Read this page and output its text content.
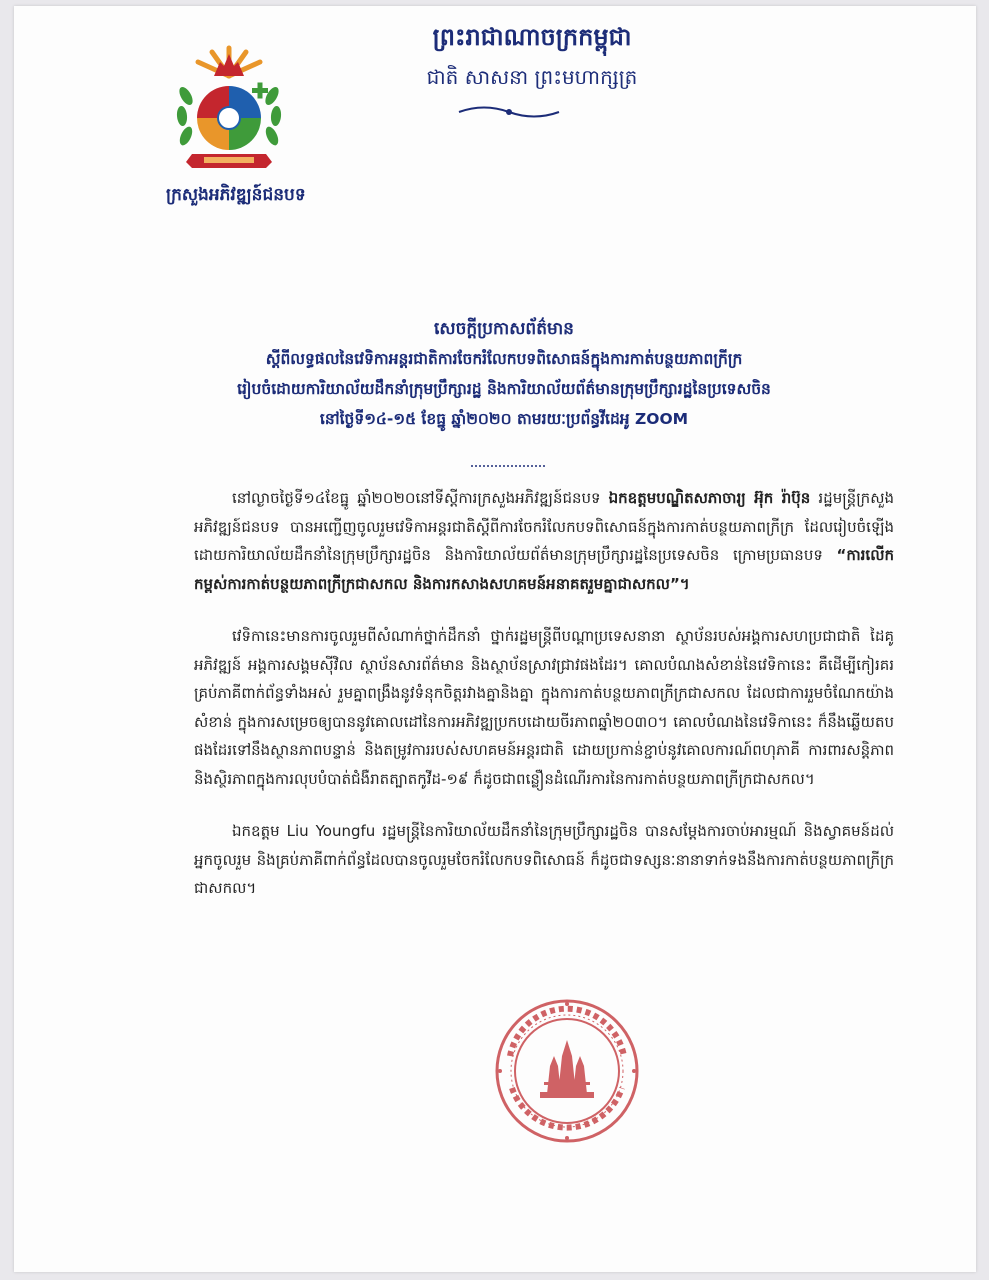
ក្រសួងអភិវឌ្ឍន៍ជនបទ
ព្រះរាជាណាចក្រកម្ពុជា
ជាតិ សាសនា ព្រះមហាក្សត្រ
សេចក្តីប្រកាសព័ត៌មាន
ស្តីពីលទ្ធផលនៃវេទិកាអន្តរជាតិការចែករំលែកបទពិសោធន៍ក្នុងការកាត់បន្ថយភាពក្រីក្រ
រៀបចំដោយការិយាល័យដឹកនាំក្រុមប្រឹក្សារដ្ឋ និងការិយាល័យព័ត៌មានក្រុមប្រឹក្សារដ្ឋនៃប្រទេសចិន
នៅថ្ងៃទី១៤-១៥ ខែធ្នូ ឆ្នាំ២០២០ តាមរយៈប្រព័ន្ធវីដេអូ ZOOM

នៅល្ងាចថ្ងៃទី១៤ខែធ្នូ ឆ្នាំ២០២០នៅទីស្តីការក្រសួងអភិវឌ្ឍន៍ជនបទ ឯកឧត្តមបណ្ឌិតសភាចារ្យ អ៊ុក រ៉ាប៊ុន រដ្ឋមន្ត្រីក្រសួងអភិវឌ្ឍន៍ជនបទ បានអញ្ជើញចូលរួមវេទិកាអន្តរជាតិស្តីពីការចែករំលែកបទពិសោធន៍ក្នុងការកាត់បន្ថយភាពក្រីក្រ ដែលរៀបចំឡើងដោយការិយាល័យដឹកនាំនៃក្រុមប្រឹក្សារដ្ឋចិន និងការិយាល័យព័ត៌មានក្រុមប្រឹក្សារដ្ឋនៃប្រទេសចិន ក្រោមប្រធានបទ “ការលើកកម្ពស់ការកាត់បន្ថយភាពក្រីក្រជាសកល និងការកសាងសហគមន៍អនាគតរួមគ្នាជាសកល”។

វេទិកានេះមានការចូលរួមពីសំណាក់ថ្នាក់ដឹកនាំ ថ្នាក់រដ្ឋមន្ត្រីពីបណ្តាប្រទេសនានា ស្ថាប័នរបស់អង្គការសហប្រជាជាតិ ដៃគូអភិវឌ្ឍន៍ អង្គការសង្គមស៊ីវិល ស្ថាប័នសារព័ត៌មាន និងស្ថាប័នស្រាវជ្រាវផងដែរ។ គោលបំណងសំខាន់នៃវេទិកានេះ គឺដើម្បីកៀរគរគ្រប់ភាគីពាក់ព័ន្ធទាំងអស់ រួមគ្នាពង្រឹងនូវទំនុកចិត្តរវាងគ្នានិងគ្នា ក្នុងការកាត់បន្ថយភាពក្រីក្រជាសកល ដែលជាការរួមចំណែកយ៉ាងសំខាន់ ក្នុងការសម្រេចឲ្យបាននូវគោលដៅនៃការអភិវឌ្ឍប្រកបដោយចីរភាពឆ្នាំ២០៣០។ គោលបំណងនៃវេទិកានេះ ក៏នឹងឆ្លើយតបផងដែរទៅនឹងស្ថានភាពបន្ទាន់ និងតម្រូវការរបស់សហគមន៍អន្តរជាតិ ដោយប្រកាន់ខ្ជាប់នូវគោលការណ៍ពហុភាគី ការពារសន្តិភាព និងស្ថិរភាពក្នុងការលុបបំបាត់ជំងឺរាតត្បាតកូវីដ-១៩ ក៏ដូចជាពន្លឿនដំណើរការនៃការកាត់បន្ថយភាពក្រីក្រជាសកល។

ឯកឧត្តម Liu Youngfu រដ្ឋមន្ត្រីនៃការិយាល័យដឹកនាំនៃក្រុមប្រឹក្សារដ្ឋចិន បានសម្តែងការចាប់អារម្មណ៍ និងស្វាគមន៍ដល់អ្នកចូលរួម និងគ្រប់ភាគីពាក់ព័ន្ធដែលបានចូលរួមចែករំលែកបទពិសោធន៍ ក៏ដូចជាទស្សនៈនានាទាក់ទងនឹងការកាត់បន្ថយភាពក្រីក្រជាសកល។
